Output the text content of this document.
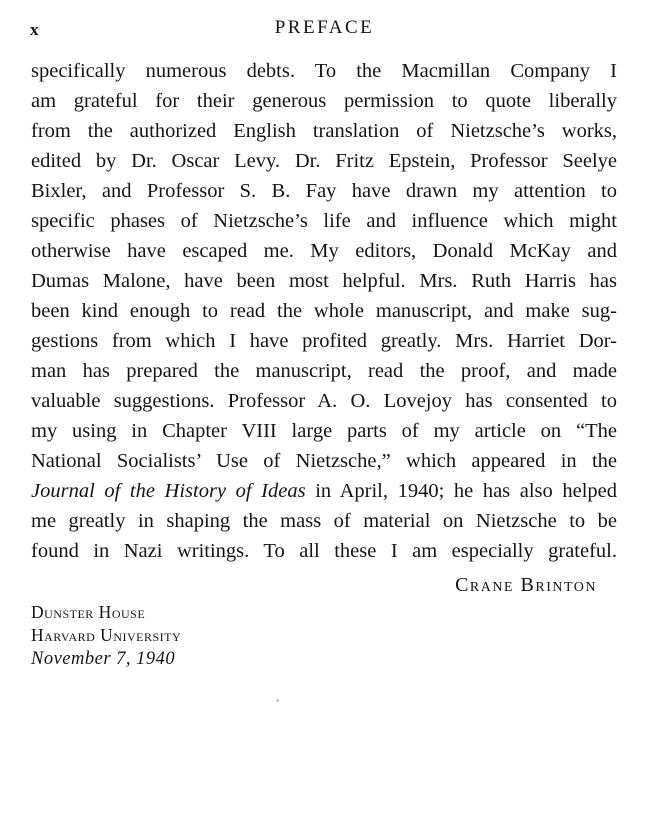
x	PREFACE
specifically numerous debts. To the Macmillan Company I
am grateful for their generous permission to quote liberally
from the authorized English translation of Nietzsche’s works,
edited by Dr. Oscar Levy. Dr. Fritz Epstein, Professor Seelye
Bixler, and Professor S. B. Fay have drawn my attention to
specific phases of Nietzsche’s life and influence which might
otherwise have escaped me. My editors, Donald McKay and
Dumas Malone, have been most helpful. Mrs. Ruth Harris has
been kind enough to read the whole manuscript, and make sug-
gestions from which I have profited greatly. Mrs. Harriet Dor-
man has prepared the manuscript, read the proof, and made
valuable suggestions. Professor A. O. Lovejoy has consented to
my using in Chapter VIII large parts of my article on “The
National Socialists’ Use of Nietzsche,” which appeared in the
Journal of the History of Ideas in April, 1940; he has also helped
me greatly in shaping the mass of material on Nietzsche to be
found in Nazi writings. To all these I am especially grateful.
Crane Brinton
Dunster House
Harvard University
November 7, 1940
